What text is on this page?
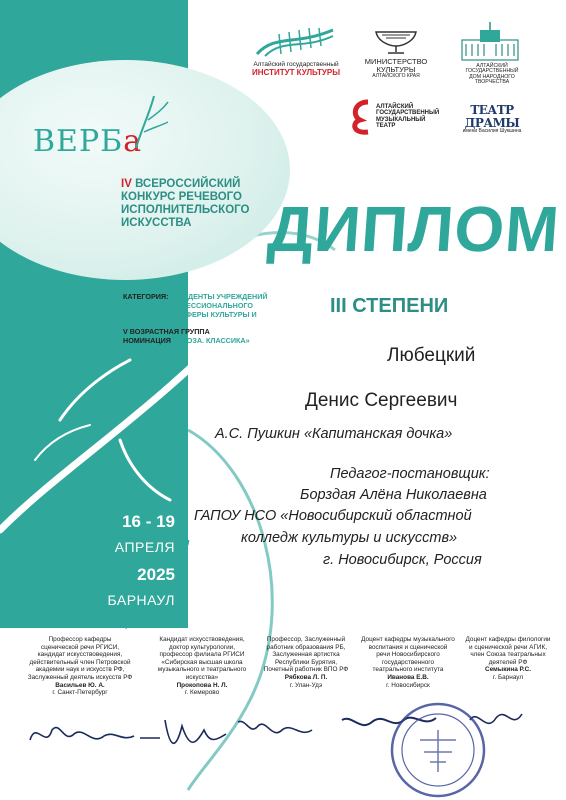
Алтайский государственный
ИНСТИТУТ КУЛЬТУРЫ
МИНИСТЕРСТВО
КУЛЬТУРЫ
АЛТАЙСКОГО КРАЯ
АЛТАЙСКИЙ ГОСУДАРСТВЕННЫЙ
ДОМ НАРОДНОГО ТВОРЧЕСТВА
АЛТАЙСКИЙ
ГОСУДАРСТВЕННЫЙ
МУЗЫКАЛЬНЫЙ
ТЕАТР
ТЕАТР ДРАМЫ
имени Василия Шукшина
ВЕРБа
IV ВСЕРОССИЙСКИЙ
КОНКУРС РЕЧЕВОГО
ИСПОЛНИТЕЛЬСКОГО
ИСКУССТВА
КАТЕГОРИЯ: «СТУДЕНТЫ УЧРЕЖДЕНИЙ СРЕДНЕГО ПРОФЕССИОНАЛЬНОГО ОБРАЗОВАНИЯ СФЕРЫ КУЛЬТУРЫ И ИСКУССТВА»
V ВОЗРАСТНАЯ ГРУППА
НОМИНАЦИЯ «ПРОЗА. КЛАССИКА»
ДИПЛОМ
III СТЕПЕНИ
Любецкий
Денис Сергеевич
А.С. Пушкин «Капитанская дочка»
Педагог-постановщик:
Борздая Алёна Николаевна
ГАПОУ НСО «Новосибирский областной
колледж культуры и искусств»
г. Новосибирск, Россия
16 - 19
АПРЕЛЯ
2025
БАРНАУЛ
Профессор кафедры
сценической речи РГИСИ,
кандидат искусствоведения,
действительный член Петровской
академии наук и искусств РФ,
Заслуженный деятель искусств РФ
Васильев Ю. А.
г. Санкт-Петербург
Кандидат искусствоведения,
доктор культурологии,
профессор филиала РГИСИ
«Сибирская высшая школа
музыкального и театрального
искусства»
Прокопова Н. Л.
г. Кемерово
Профессор, Заслуженный
работник образования РБ,
Заслуженная артистка
Республики Бурятия,
Почетный работник ВПО РФ
Рябкова Л. П.
г. Улан-Удэ
Доцент кафедры музыкального
воспитания и сценической
речи Новосибирского
государственного
театрального института
Иванова Е.В.
г. Новосибирск
Доцент кафедры филологии
и сценической речи АГИК,
член Союза театральных
деятелей РФ
Семыкина Р.С.
г. Барнаул
